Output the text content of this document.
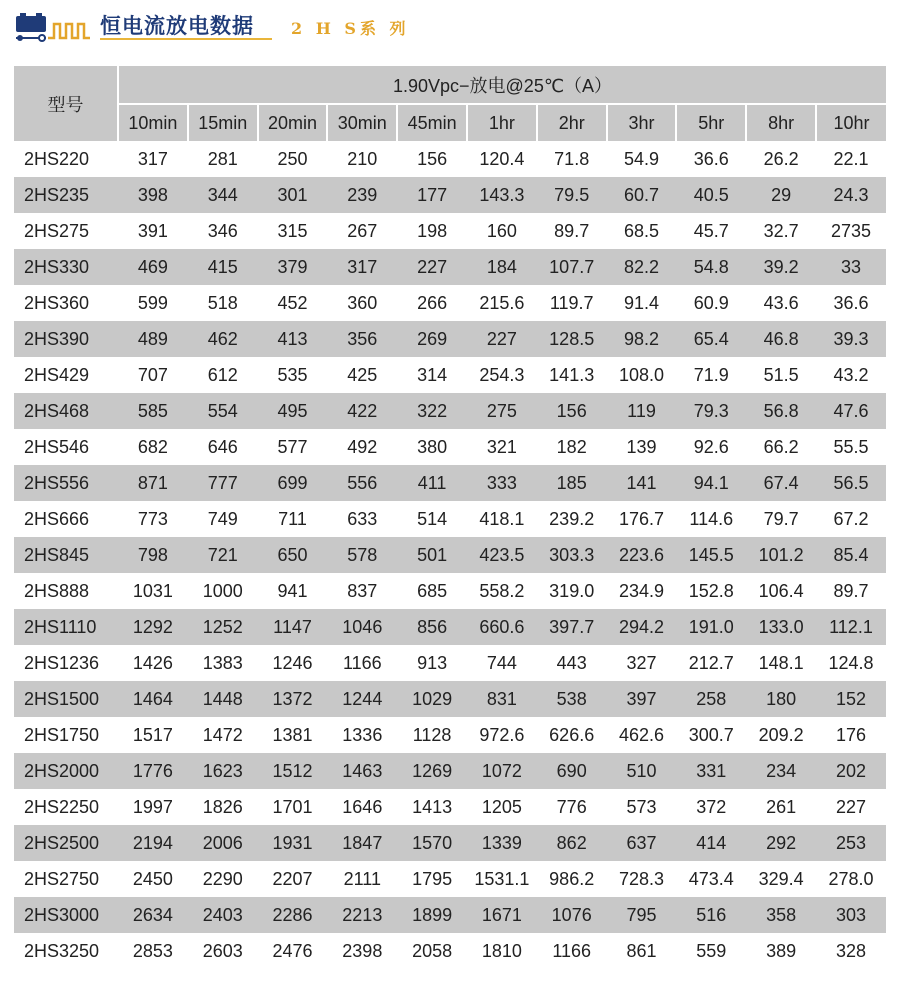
恒电流放电数据 2 H S系 列
型号	1.90Vpc−放电@25℃（A）										
	10min	15min	20min	30min	45min	1hr	2hr	3hr	5hr	8hr	10hr
2HS220	317	281	250	210	156	120.4	71.8	54.9	36.6	26.2	22.1
2HS235	398	344	301	239	177	143.3	79.5	60.7	40.5	29	24.3
2HS275	391	346	315	267	198	160	89.7	68.5	45.7	32.7	2735
2HS330	469	415	379	317	227	184	107.7	82.2	54.8	39.2	33
2HS360	599	518	452	360	266	215.6	119.7	91.4	60.9	43.6	36.6
2HS390	489	462	413	356	269	227	128.5	98.2	65.4	46.8	39.3
2HS429	707	612	535	425	314	254.3	141.3	108.0	71.9	51.5	43.2
2HS468	585	554	495	422	322	275	156	119	79.3	56.8	47.6
2HS546	682	646	577	492	380	321	182	139	92.6	66.2	55.5
2HS556	871	777	699	556	411	333	185	141	94.1	67.4	56.5
2HS666	773	749	711	633	514	418.1	239.2	176.7	114.6	79.7	67.2
2HS845	798	721	650	578	501	423.5	303.3	223.6	145.5	101.2	85.4
2HS888	1031	1000	941	837	685	558.2	319.0	234.9	152.8	106.4	89.7
2HS1110	1292	1252	1147	1046	856	660.6	397.7	294.2	191.0	133.0	112.1
2HS1236	1426	1383	1246	1166	913	744	443	327	212.7	148.1	124.8
2HS1500	1464	1448	1372	1244	1029	831	538	397	258	180	152
2HS1750	1517	1472	1381	1336	1128	972.6	626.6	462.6	300.7	209.2	176
2HS2000	1776	1623	1512	1463	1269	1072	690	510	331	234	202
2HS2250	1997	1826	1701	1646	1413	1205	776	573	372	261	227
2HS2500	2194	2006	1931	1847	1570	1339	862	637	414	292	253
2HS2750	2450	2290	2207	2111	1795	1531.1	986.2	728.3	473.4	329.4	278.0
2HS3000	2634	2403	2286	2213	1899	1671	1076	795	516	358	303
2HS3250	2853	2603	2476	2398	2058	1810	1166	861	559	389	328
